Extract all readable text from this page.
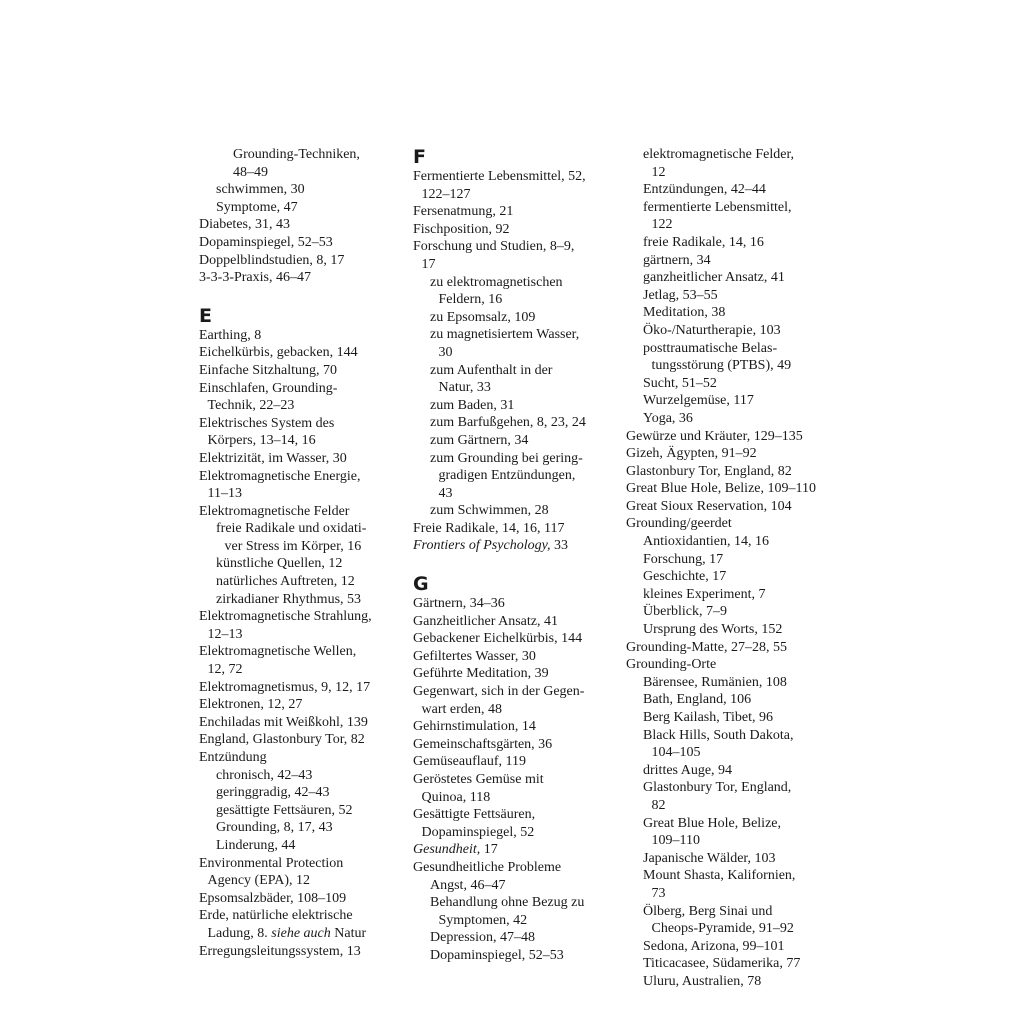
Grounding-Techniken,
48–49
schwimmen, 30
Symptome, 47
Diabetes, 31, 43
Dopaminspiegel, 52–53
Doppelblindstudien, 8, 17
3-3-3-Praxis, 46–47
E
Earthing, 8
Eichelkürbis, gebacken, 144
Einfache Sitzhaltung, 70
Einschlafen, Grounding-
Technik, 22–23
Elektrisches System des
Körpers, 13–14, 16
Elektrizität, im Wasser, 30
Elektromagnetische Energie,
11–13
Elektromagnetische Felder
freie Radikale und oxidati-
ver Stress im Körper, 16
künstliche Quellen, 12
natürliches Auftreten, 12
zirkadianer Rhythmus, 53
Elektromagnetische Strahlung,
12–13
Elektromagnetische Wellen,
12, 72
Elektromagnetismus, 9, 12, 17
Elektronen, 12, 27
Enchiladas mit Weißkohl, 139
England, Glastonbury Tor, 82
Entzündung
chronisch, 42–43
geringgradig, 42–43
gesättigte Fettsäuren, 52
Grounding, 8, 17, 43
Linderung, 44
Environmental Protection
Agency (EPA), 12
Epsomsalzbäder, 108–109
Erde, natürliche elektrische
Ladung, 8. siehe auch Natur
Erregungsleitungssystem, 13
F
Fermentierte Lebensmittel, 52,
122–127
Fersenatmung, 21
Fischposition, 92
Forschung und Studien, 8–9,
17
zu elektromagnetischen
Feldern, 16
zu Epsomsalz, 109
zu magnetisiertem Wasser,
30
zum Aufenthalt in der
Natur, 33
zum Baden, 31
zum Barfußgehen, 8, 23, 24
zum Gärtnern, 34
zum Grounding bei gering-
gradigen Entzündungen,
43
zum Schwimmen, 28
Freie Radikale, 14, 16, 117
Frontiers of Psychology, 33
G
Gärtnern, 34–36
Ganzheitlicher Ansatz, 41
Gebackener Eichelkürbis, 144
Gefiltertes Wasser, 30
Geführte Meditation, 39
Gegenwart, sich in der Gegen-
wart erden, 48
Gehirnstimulation, 14
Gemeinschaftsgärten, 36
Gemüseauflauf, 119
Geröstetes Gemüse mit
Quinoa, 118
Gesättigte Fettsäuren,
Dopaminspiegel, 52
Gesundheit, 17
Gesundheitliche Probleme
Angst, 46–47
Behandlung ohne Bezug zu
Symptomen, 42
Depression, 47–48
Dopaminspiegel, 52–53
elektromagnetische Felder,
12
Entzündungen, 42–44
fermentierte Lebensmittel,
122
freie Radikale, 14, 16
gärtnern, 34
ganzheitlicher Ansatz, 41
Jetlag, 53–55
Meditation, 38
Öko-/Naturtherapie, 103
posttraumatische Belas-
tungsstörung (PTBS), 49
Sucht, 51–52
Wurzelgemüse, 117
Yoga, 36
Gewürze und Kräuter, 129–135
Gizeh, Ägypten, 91–92
Glastonbury Tor, England, 82
Great Blue Hole, Belize, 109–110
Great Sioux Reservation, 104
Grounding/geerdet
Antioxidantien, 14, 16
Forschung, 17
Geschichte, 17
kleines Experiment, 7
Überblick, 7–9
Ursprung des Worts, 152
Grounding-Matte, 27–28, 55
Grounding-Orte
Bärensee, Rumänien, 108
Bath, England, 106
Berg Kailash, Tibet, 96
Black Hills, South Dakota,
104–105
drittes Auge, 94
Glastonbury Tor, England,
82
Great Blue Hole, Belize,
109–110
Japanische Wälder, 103
Mount Shasta, Kalifornien,
73
Ölberg, Berg Sinai und
Cheops-Pyramide, 91–92
Sedona, Arizona, 99–101
Titicacasee, Südamerika, 77
Uluru, Australien, 78
